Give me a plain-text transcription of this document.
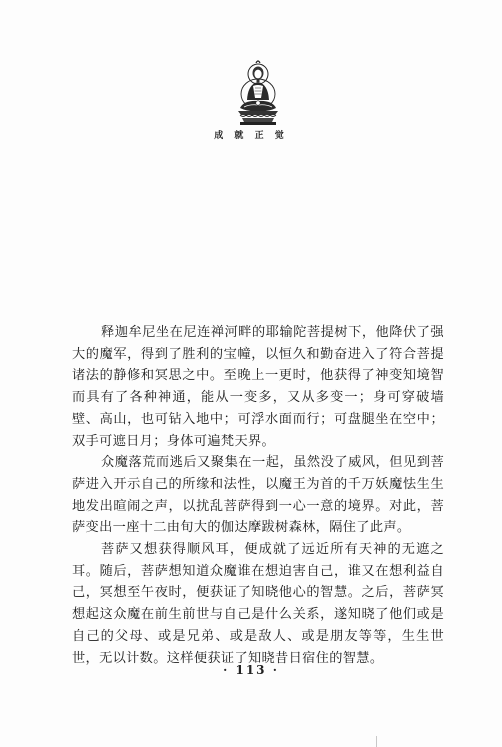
成 就 正 觉

释迦牟尼坐在尼连禅河畔的耶输陀菩提树下，他降伏了强大的魔军，得到了胜利的宝幢，以恒久和勤奋进入了符合菩提诸法的静修和冥思之中。至晚上一更时，他获得了神变知境智而具有了各种神通，能从一变多，又从多变一；身可穿破墙壁、高山，也可钻入地中；可浮水面而行；可盘腿坐在空中；双手可遮日月；身体可遍梵天界。

众魔落荒而逃后又聚集在一起，虽然没了威风，但见到菩萨进入开示自己的所缘和法性，以魔王为首的千万妖魔怯生生地发出暄闹之声，以扰乱菩萨得到一心一意的境界。对此，菩萨变出一座十二由旬大的伽达摩跋树森林，隔住了此声。

菩萨又想获得顺风耳，便成就了远近所有天神的无遮之耳。随后，菩萨想知道众魔谁在想迫害自己，谁又在想利益自己，冥想至午夜时，便获证了知晓他心的智慧。之后，菩萨冥想起这众魔在前生前世与自己是什么关系，遂知晓了他们或是自己的父母、或是兄弟、或是敌人、或是朋友等等，生生世世，无以计数。这样便获证了知晓昔日宿住的智慧。

· 113 ·
